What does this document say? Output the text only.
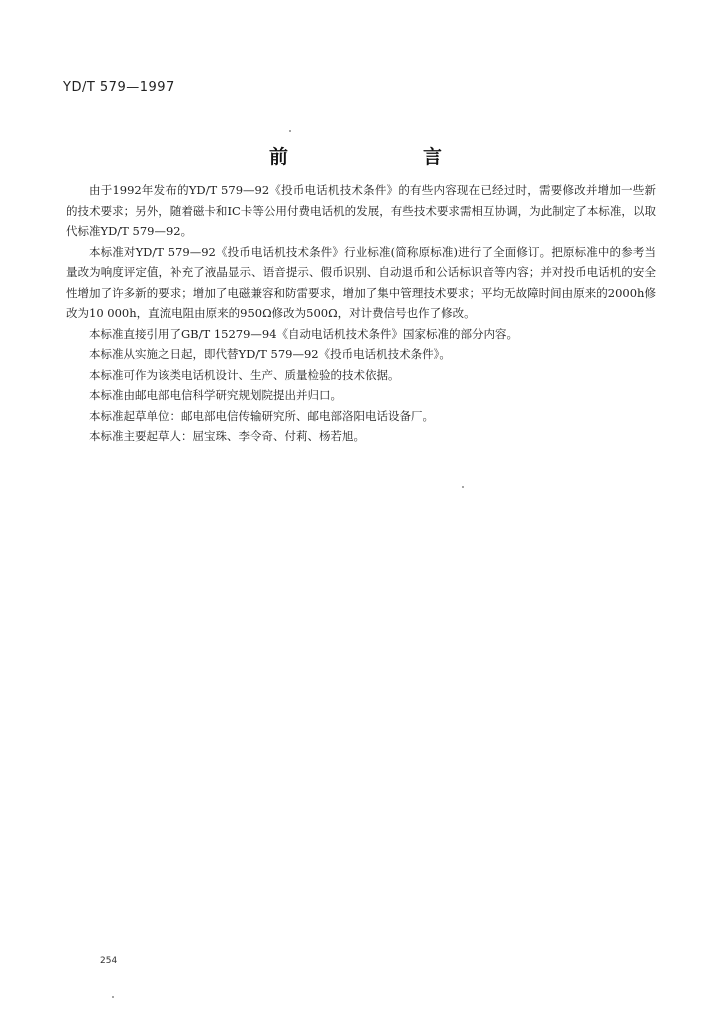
YD/T 579—1997
前　言

由于1992年发布的YD/T 579—92《投币电话机技术条件》的有些内容现在已经过时，需要修改并增加一些新的技术要求；另外，随着磁卡和IC卡等公用付费电话机的发展，有些技术要求需相互协调，为此制定了本标准，以取代标准YD/T 579—92。

本标准对YD/T 579—92《投币电话机技术条件》行业标准(简称原标准)进行了全面修订。把原标准中的参考当量改为响度评定值，补充了液晶显示、语音提示、假币识别、自动退币和公话标识音等内容；并对投币电话机的安全性增加了许多新的要求；增加了电磁兼容和防雷要求，增加了集中管理技术要求；平均无故障时间由原来的2000h修改为10 000h，直流电阻由原来的950Ω修改为500Ω，对计费信号也作了修改。

本标准直接引用了GB/T 15279—94《自动电话机技术条件》国家标准的部分内容。

本标准从实施之日起，即代替YD/T 579—92《投币电话机技术条件》。

本标准可作为该类电话机设计、生产、质量检验的技术依据。

本标准由邮电部电信科学研究规划院提出并归口。

本标准起草单位：邮电部电信传输研究所、邮电部洛阳电话设备厂。

本标准主要起草人：屈宝珠、李令奇、付莉、杨若旭。

254
